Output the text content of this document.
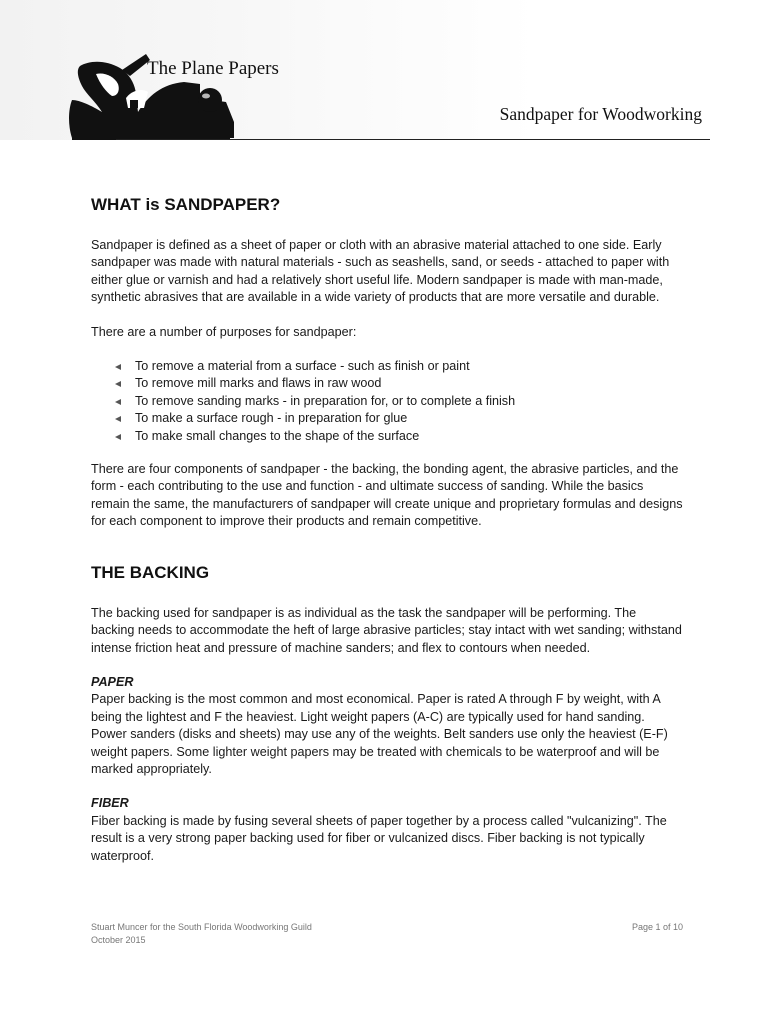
The Plane Papers
Sandpaper for Woodworking
WHAT is SANDPAPER?

Sandpaper is defined as a sheet of paper or cloth with an abrasive material attached to one side. Early sandpaper was made with natural materials - such as seashells, sand, or seeds - attached to paper with either glue or varnish and had a relatively short useful life. Modern sandpaper is made with man-made, synthetic abrasives that are available in a wide variety of products that are more versatile and durable.

There are a number of purposes for sandpaper:

To remove a material from a surface - such as finish or paint
To remove mill marks and flaws in raw wood
To remove sanding marks - in preparation for, or to complete a finish
To make a surface rough - in preparation for glue
To make small changes to the shape of the surface

There are four components of sandpaper - the backing, the bonding agent, the abrasive particles, and the form - each contributing to the use and function - and ultimate success of sanding. While the basics remain the same, the manufacturers of sandpaper will create unique and proprietary formulas and designs for each component to improve their products and remain competitive.

THE BACKING

The backing used for sandpaper is as individual as the task the sandpaper will be performing. The backing needs to accommodate the heft of large abrasive particles; stay intact with wet sanding; withstand intense friction heat and pressure of machine sanders; and flex to contours when needed.

PAPER

Paper backing is the most common and most economical. Paper is rated A through F by weight, with A being the lightest and F the heaviest. Light weight papers (A-C) are typically used for hand sanding. Power sanders (disks and sheets) may use any of the weights. Belt sanders use only the heaviest (E-F) weight papers. Some lighter weight papers may be treated with chemicals to be waterproof and will be marked appropriately.

FIBER

Fiber backing is made by fusing several sheets of paper together by a process called "vulcanizing". The result is a very strong paper backing used for fiber or vulcanized discs. Fiber backing is not typically waterproof.

Stuart Muncer for the South Florida Woodworking Guild
October 2015
Page 1 of 10
